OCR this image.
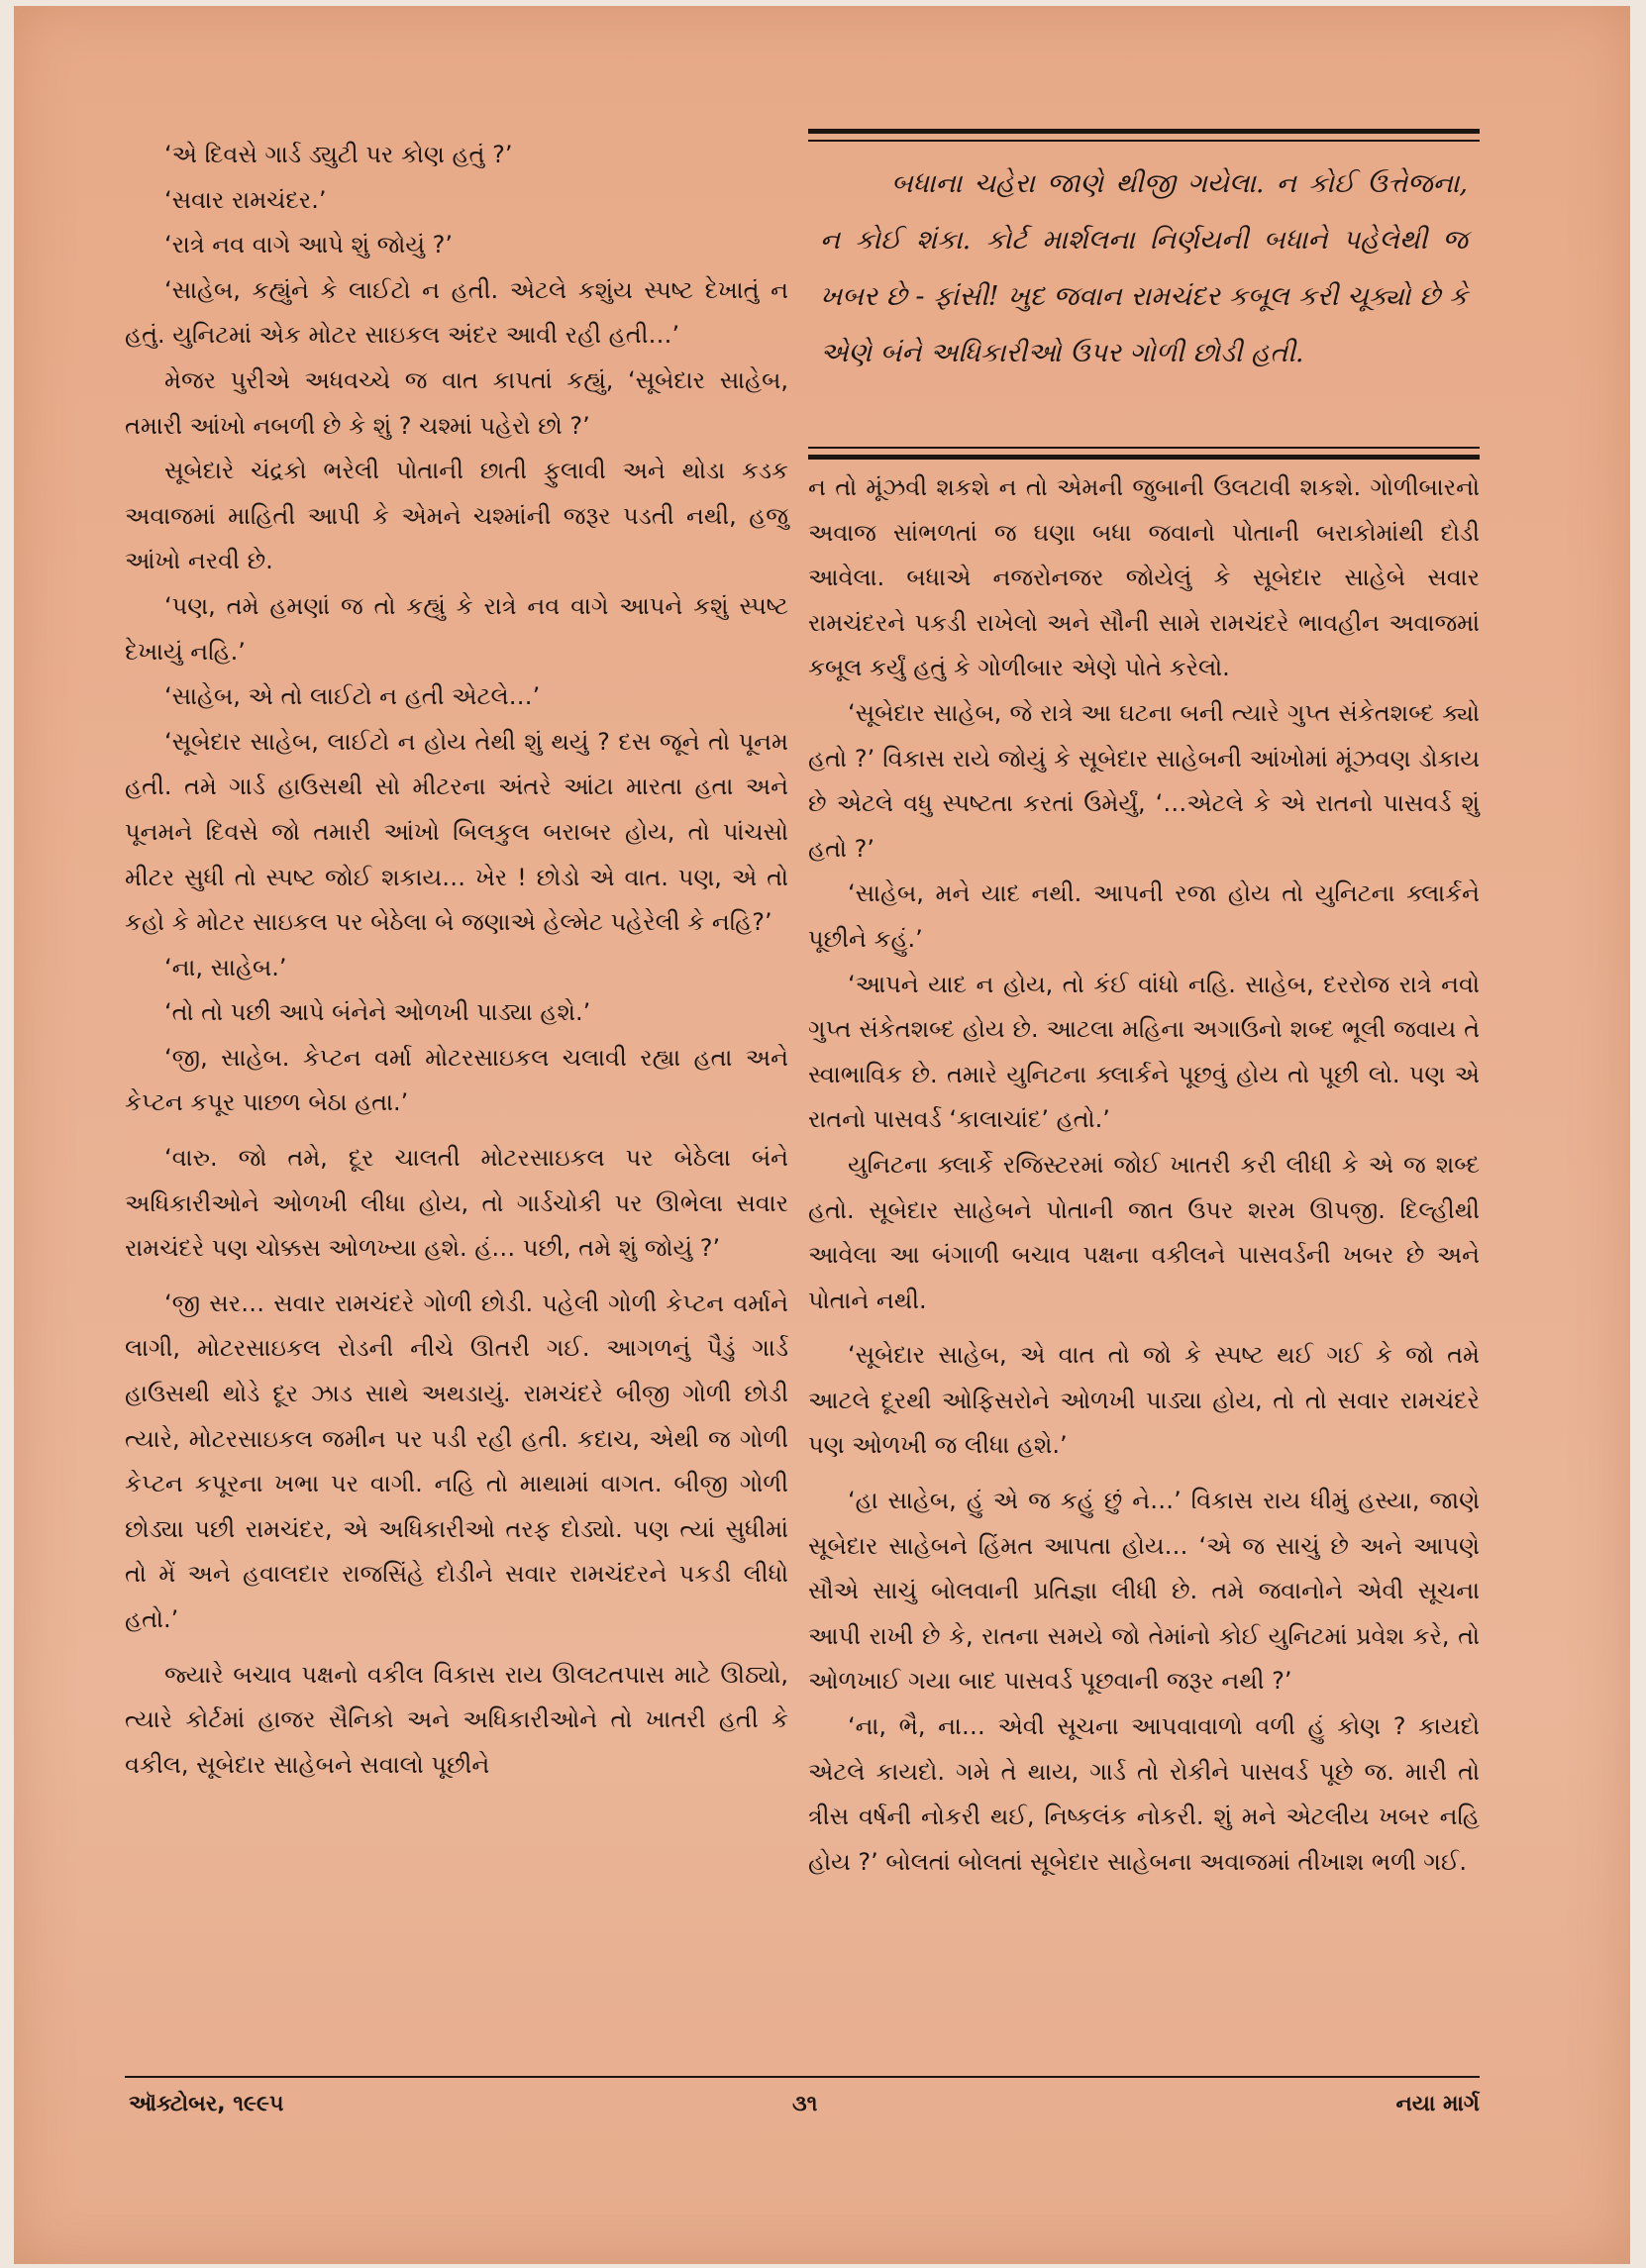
‘એ દિવસે ગાર્ડ ડ્યુટી પર કોણ હતું ?’

‘સવાર રામચંદર.’

‘રાત્રે નવ વાગે આપે શું જોયું ?’

‘સાહેબ, કહ્યુંને કે લાઈટો ન હતી. એટલે કશુંય સ્પષ્ટ દેખાતું ન હતું. યુનિટમાં એક મોટર સાઇકલ અંદર આવી રહી હતી…’

મેજર પુરીએ અધવચ્ચે જ વાત કાપતાં કહ્યું, ‘સૂબેદાર સાહેબ, તમારી આંખો નબળી છે કે શું ? ચશ્માં પહેરો છો ?’

સૂબેદારે ચંદ્રકો ભરેલી પોતાની છાતી ફુલાવી અને થોડા કડક અવાજમાં માહિતી આપી કે એમને ચશ્માંની જરૂર પડતી નથી, હજુ આંખો નરવી છે.

‘પણ, તમે હમણાં જ તો કહ્યું કે રાત્રે નવ વાગે આપને કશું સ્પષ્ટ દેખાયું નહિ.’

‘સાહેબ, એ તો લાઈટો ન હતી એટલે…’

‘સૂબેદાર સાહેબ, લાઈટો ન હોય તેથી શું થયું ? દસ જૂને તો પૂનમ હતી. તમે ગાર્ડ હાઉસથી સો મીટરના અંતરે આંટા મારતા હતા અને પૂનમને દિવસે જો તમારી આંખો બિલકુલ બરાબર હોય, તો પાંચસો મીટર સુધી તો સ્પષ્ટ જોઈ શકાય… ખેર ! છોડો એ વાત. પણ, એ તો કહો કે મોટર સાઇકલ પર બેઠેલા બે જણાએ હેલ્મેટ પહેરેલી કે નહિ?’

‘ના, સાહેબ.’

‘તો તો પછી આપે બંનેને ઓળખી પાડ્યા હશે.’

‘જી, સાહેબ. કેપ્ટન વર્મા મોટરસાઇકલ ચલાવી રહ્યા હતા અને કેપ્ટન કપૂર પાછળ બેઠા હતા.’

‘વારુ. જો તમે, દૂર ચાલતી મોટરસાઇકલ પર બેઠેલા બંને અધિકારીઓને ઓળખી લીધા હોય, તો ગાર્ડચોકી પર ઊભેલા સવાર રામચંદરે પણ ચોક્કસ ઓળખ્યા હશે. હં… પછી, તમે શું જોયું ?’

‘જી સર… સવાર રામચંદરે ગોળી છોડી. પહેલી ગોળી કેપ્ટન વર્માને લાગી, મોટરસાઇકલ રોડની નીચે ઊતરી ગઈ. આગળનું પૈડું ગાર્ડ હાઉસથી થોડે દૂર ઝાડ સાથે અથડાયું. રામચંદરે બીજી ગોળી છોડી ત્યારે, મોટરસાઇકલ જમીન પર પડી રહી હતી. કદાચ, એથી જ ગોળી કેપ્ટન કપૂરના ખભા પર વાગી. નહિ તો માથામાં વાગત. બીજી ગોળી છોડ્યા પછી રામચંદર, એ અધિકારીઓ તરફ દોડ્યો. પણ ત્યાં સુધીમાં તો મેં અને હવાલદાર રાજસિંહે દોડીને સવાર રામચંદરને પકડી લીધો હતો.’

જ્યારે બચાવ પક્ષનો વકીલ વિકાસ રાય ઊલટતપાસ માટે ઊઠ્યો, ત્યારે કોર્ટમાં હાજર સૈનિકો અને અધિકારીઓને તો ખાતરી હતી કે વકીલ, સૂબેદાર સાહેબને સવાલો પૂછીને

બધાના ચહેરા જાણે થીજી ગયેલા. ન કોઈ ઉત્તેજના, ન કોઈ શંકા. કોર્ટ માર્શલના નિર્ણયની બધાને પહેલેથી જ ખબર છે - ફાંસી! ખુદ જવાન રામચંદર કબૂલ કરી ચૂક્યો છે કે એણે બંને અધિકારીઓ ઉપર ગોળી છોડી હતી.

ન તો મૂંઝવી શકશે ન તો એમની જુબાની ઉલટાવી શકશે. ગોળીબારનો અવાજ સાંભળતાં જ ઘણા બધા જવાનો પોતાની બરાકોમાંથી દોડી આવેલા. બધાએ નજરોનજર જોયેલું કે સૂબેદાર સાહેબે સવાર રામચંદરને પકડી રાખેલો અને સૌની સામે રામચંદરે ભાવહીન અવાજમાં કબૂલ કર્યું હતું કે ગોળીબાર એણે પોતે કરેલો.

‘સૂબેદાર સાહેબ, જે રાત્રે આ ઘટના બની ત્યારે ગુપ્ત સંકેતશબ્દ ક્યો હતો ?’ વિકાસ રાયે જોયું કે સૂબેદાર સાહેબની આંખોમાં મૂંઝવણ ડોકાય છે એટલે વધુ સ્પષ્ટતા કરતાં ઉમેર્યું, ‘…એટલે કે એ રાતનો પાસવર્ડ શું હતો ?’

‘સાહેબ, મને યાદ નથી. આપની રજા હોય તો યુનિટના ક્લાર્કને પૂછીને કહું.’

‘આપને યાદ ન હોય, તો કંઈ વાંધો નહિ. સાહેબ, દરરોજ રાત્રે નવો ગુપ્ત સંકેતશબ્દ હોય છે. આટલા મહિના અગાઉનો શબ્દ ભૂલી જવાય તે સ્વાભાવિક છે. તમારે યુનિટના ક્લાર્કને પૂછવું હોય તો પૂછી લો. પણ એ રાતનો પાસવર્ડ ‘કાલાચાંદ’ હતો.’

યુનિટના ક્લાર્કે રજિસ્ટરમાં જોઈ ખાતરી કરી લીધી કે એ જ શબ્દ હતો. સૂબેદાર સાહેબને પોતાની જાત ઉપર શરમ ઊપજી. દિલ્હીથી આવેલા આ બંગાળી બચાવ પક્ષના વકીલને પાસવર્ડની ખબર છે અને પોતાને નથી.

‘સૂબેદાર સાહેબ, એ વાત તો જો કે સ્પષ્ટ થઈ ગઈ કે જો તમે આટલે દૂરથી ઓફિસરોને ઓળખી પાડ્યા હોય, તો તો સવાર રામચંદરે પણ ઓળખી જ લીધા હશે.’

‘હા સાહેબ, હું એ જ કહું છું ને…’ વિકાસ રાય ધીમું હસ્યા, જાણે સૂબેદાર સાહેબને હિંમત આપતા હોય… ‘એ જ સાચું છે અને આપણે સૌએ સાચું બોલવાની પ્રતિજ્ઞા લીધી છે. તમે જવાનોને એવી સૂચના આપી રાખી છે કે, રાતના સમયે જો તેમાંનો કોઈ યુનિટમાં પ્રવેશ કરે, તો ઓળખાઈ ગયા બાદ પાસવર્ડ પૂછવાની જરૂર નથી ?’

‘ના, ભૈ, ના… એવી સૂચના આપવાવાળો વળી હું કોણ ? કાયદો એટલે કાયદો. ગમે તે થાય, ગાર્ડ તો રોકીને પાસવર્ડ પૂછે જ. મારી તો ત્રીસ વર્ષની નોકરી થઈ, નિષ્કલંક નોકરી. શું મને એટલીય ખબર નહિ હોય ?’ બોલતાં બોલતાં સૂબેદાર સાહેબના અવાજમાં તીખાશ ભળી ગઈ.

ઑક્ટોબર, ૧૯૯૫	૩૧	નયા માર્ગ
